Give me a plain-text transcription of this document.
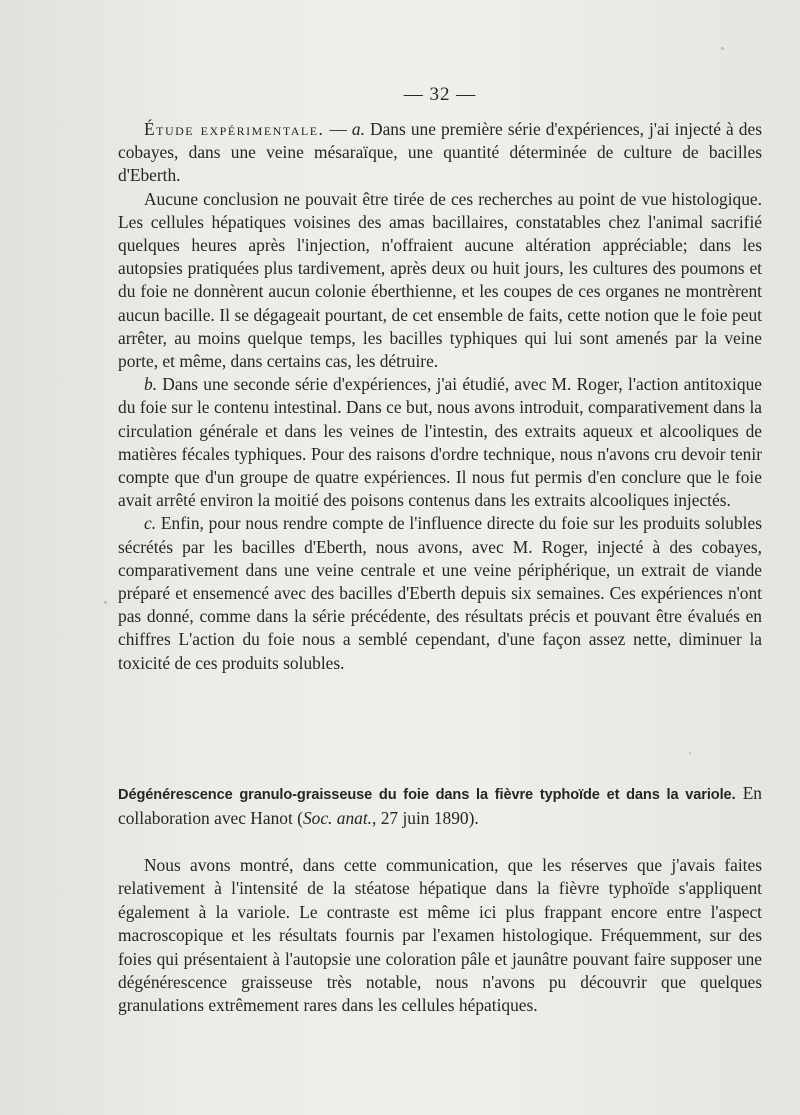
— 32 —

Étude expérimentale. — a. Dans une première série d'expériences, j'ai injecté à des cobayes, dans une veine mésaraïque, une quantité déterminée de culture de bacilles d'Eberth.

Aucune conclusion ne pouvait être tirée de ces recherches au point de vue histologique. Les cellules hépatiques voisines des amas bacillaires, constatables chez l'animal sacrifié quelques heures après l'injection, n'offraient aucune altération appréciable; dans les autopsies pratiquées plus tardivement, après deux ou huit jours, les cultures des poumons et du foie ne donnèrent aucun colonie éberthienne, et les coupes de ces organes ne montrèrent aucun bacille. Il se dégageait pourtant, de cet ensemble de faits, cette notion que le foie peut arrêter, au moins quelque temps, les bacilles typhiques qui lui sont amenés par la veine porte, et même, dans certains cas, les détruire.

b. Dans une seconde série d'expériences, j'ai étudié, avec M. Roger, l'action antitoxique du foie sur le contenu intestinal. Dans ce but, nous avons introduit, comparativement dans la circulation générale et dans les veines de l'intestin, des extraits aqueux et alcooliques de matières fécales typhiques. Pour des raisons d'ordre technique, nous n'avons cru devoir tenir compte que d'un groupe de quatre expériences. Il nous fut permis d'en conclure que le foie avait arrêté environ la moitié des poisons contenus dans les extraits alcooliques injectés.

c. Enfin, pour nous rendre compte de l'influence directe du foie sur les produits solubles sécrétés par les bacilles d'Eberth, nous avons, avec M. Roger, injecté à des cobayes, comparativement dans une veine centrale et une veine périphérique, un extrait de viande préparé et ensemencé avec des bacilles d'Eberth depuis six semaines. Ces expériences n'ont pas donné, comme dans la série précédente, des résultats précis et pouvant être évalués en chiffres L'action du foie nous a semblé cependant, d'une façon assez nette, diminuer la toxicité de ces produits solubles.

Dégénérescence granulo-graisseuse du foie dans la fièvre typhoïde et dans la variole. En collaboration avec Hanot (Soc. anat., 27 juin 1890).

Nous avons montré, dans cette communication, que les réserves que j'avais faites relativement à l'intensité de la stéatose hépatique dans la fièvre typhoïde s'appliquent également à la variole. Le contraste est même ici plus frappant encore entre l'aspect macroscopique et les résultats fournis par l'examen histologique. Fréquemment, sur des foies qui présentaient à l'autopsie une coloration pâle et jaunâtre pouvant faire supposer une dégénérescence graisseuse très notable, nous n'avons pu découvrir que quelques granulations extrêmement rares dans les cellules hépatiques.
